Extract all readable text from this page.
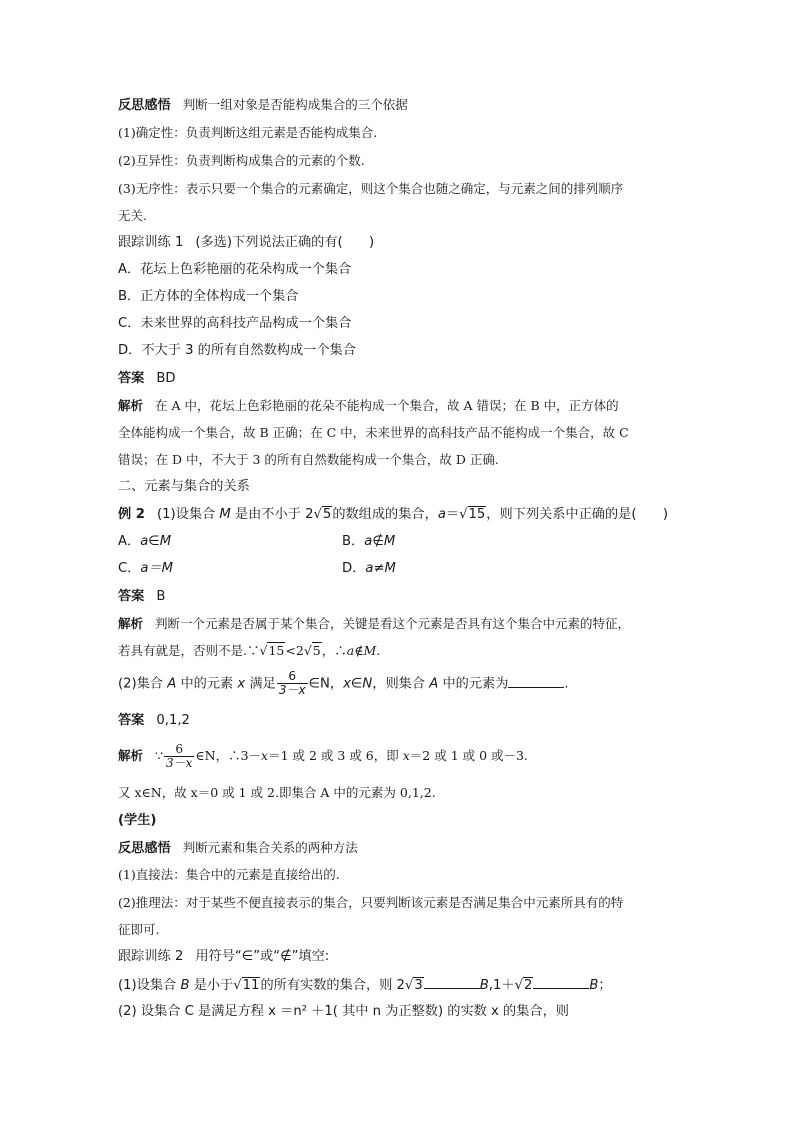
反思感悟 判断一组对象是否能构成集合的三个依据
(1)确定性：负责判断这组元素是否能构成集合.
(2)互异性：负责判断构成集合的元素的个数.
(3)无序性：表示只要一个集合的元素确定，则这个集合也随之确定，与元素之间的排列顺序
无关.
跟踪训练 1 (多选)下列说法正确的有(　　)
A．花坛上色彩艳丽的花朵构成一个集合
B．正方体的全体构成一个集合
C．未来世界的高科技产品构成一个集合
D．不大于 3 的所有自然数构成一个集合
答案 BD
解析 在 A 中，花坛上色彩艳丽的花朵不能构成一个集合，故 A 错误；在 B 中，正方体的
全体能构成一个集合，故 B 正确；在 C 中，未来世界的高科技产品不能构成一个集合，故 C
错误；在 D 中，不大于 3 的所有自然数能构成一个集合，故 D 正确.
二、元素与集合的关系
例 2 (1)设集合 M 是由不小于 2√5的数组成的集合，a＝√15，则下列关系中正确的是(　　)
A．a∈M	B．a∉M
C．a＝M	D．a≠M
答案 B
解析 判断一个元素是否属于某个集合，关键是看这个元素是否具有这个集合中元素的特征，
若具有就是，否则不是.∵√15<2√5，∴a∉M.
(2)集合 A 中的元素 x 满足 $\frac{6}{3-x}$ ∈N，x∈N，则集合 A 中的元素为	.
答案 0,1,2
解析 ∵ $\frac{6}{3-x}$ ∈N，∴3－x＝1 或 2 或 3 或 6，即 x＝2 或 1 或 0 或－3.
又 x∈N，故 x＝0 或 1 或 2.即集合 A 中的元素为 0,1,2.
(学生)
反思感悟 判断元素和集合关系的两种方法
(1)直接法：集合中的元素是直接给出的.
(2)推理法：对于某些不便直接表示的集合，只要判断该元素是否满足集合中元素所具有的特
征即可.
跟踪训练 2 用符号“∈”或“∉”填空:
(1)设集合 B 是小于√11的所有实数的集合，则 2√3	B,1＋√2	B；
(2) 设集合 C 是满足方程 x ＝n² ＋1( 其中 n 为正整数) 的实数 x 的集合，则
